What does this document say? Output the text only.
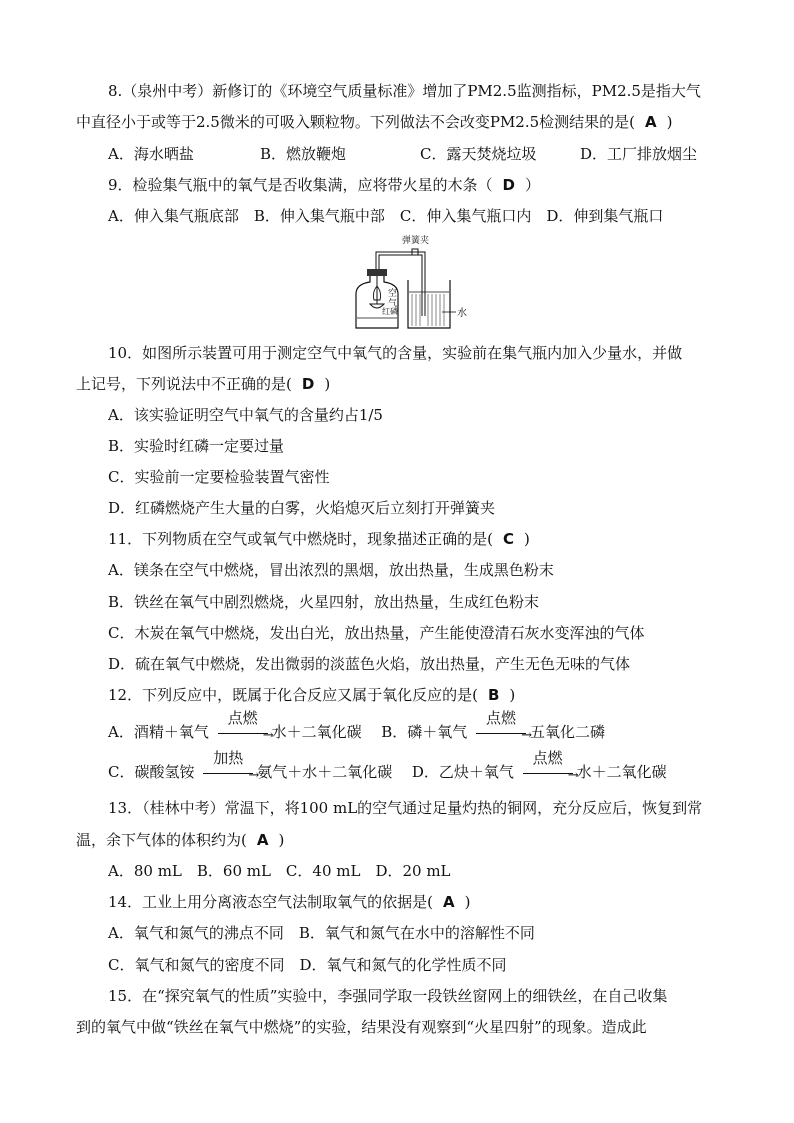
8.（泉州中考）新修订的《环境空气质量标准》增加了PM2.5监测指标，PM2.5是指大气
中直径小于或等于2.5微米的可吸入颗粒物。下列做法不会改变PM2.5检测结果的是( A )
A．海水晒盐	B．燃放鞭炮	C．露天焚烧垃圾	D．工厂排放烟尘
9．检验集气瓶中的氧气是否收集满，应将带火星的木条（ D ）
A．伸入集气瓶底部　B．伸入集气瓶中部　C．伸入集气瓶口内　D．伸到集气瓶口
弹簧夹
空
气
红磷	水
10．如图所示装置可用于测定空气中氧气的含量，实验前在集气瓶内加入少量水，并做
上记号，下列说法中不正确的是( D )
A．该实验证明空气中氧气的含量约占1/5
B．实验时红磷一定要过量
C．实验前一定要检验装置气密性
D．红磷燃烧产生大量的白雾，火焰熄灭后立刻打开弹簧夹
11．下列物质在空气或氧气中燃烧时，现象描述正确的是( C )
A．镁条在空气中燃烧，冒出浓烈的黑烟，放出热量，生成黑色粉末
B．铁丝在氧气中剧烈燃烧，火星四射，放出热量，生成红色粉末
C．木炭在氧气中燃烧，发出白光，放出热量，产生能使澄清石灰水变浑浊的气体
D．硫在氧气中燃烧，发出微弱的淡蓝色火焰，放出热量，产生无色无味的气体
12．下列反应中，既属于化合反应又属于氧化反应的是( B )
A．酒精＋氧气
点燃
→
水＋二氧化碳 B．磷＋氧气
点燃
→
五氧化二磷
C．碳酸氢铵
加热
→
氨气＋水＋二氧化碳 D．乙炔＋氧气
点燃
→
水＋二氧化碳
13．（桂林中考）常温下，将100 mL的空气通过足量灼热的铜网，充分反应后，恢复到常
温，余下气体的体积约为( A )
A．80 mL　B．60 mL　C．40 mL　D．20 mL
14．工业上用分离液态空气法制取氧气的依据是( A )
A．氧气和氮气的沸点不同　B．氧气和氮气在水中的溶解性不同
C．氧气和氮气的密度不同　D．氧气和氮气的化学性质不同
15．在“探究氧气的性质”实验中，李强同学取一段铁丝窗网上的细铁丝，在自己收集
到的氧气中做“铁丝在氧气中燃烧”的实验，结果没有观察到“火星四射”的现象。造成此
